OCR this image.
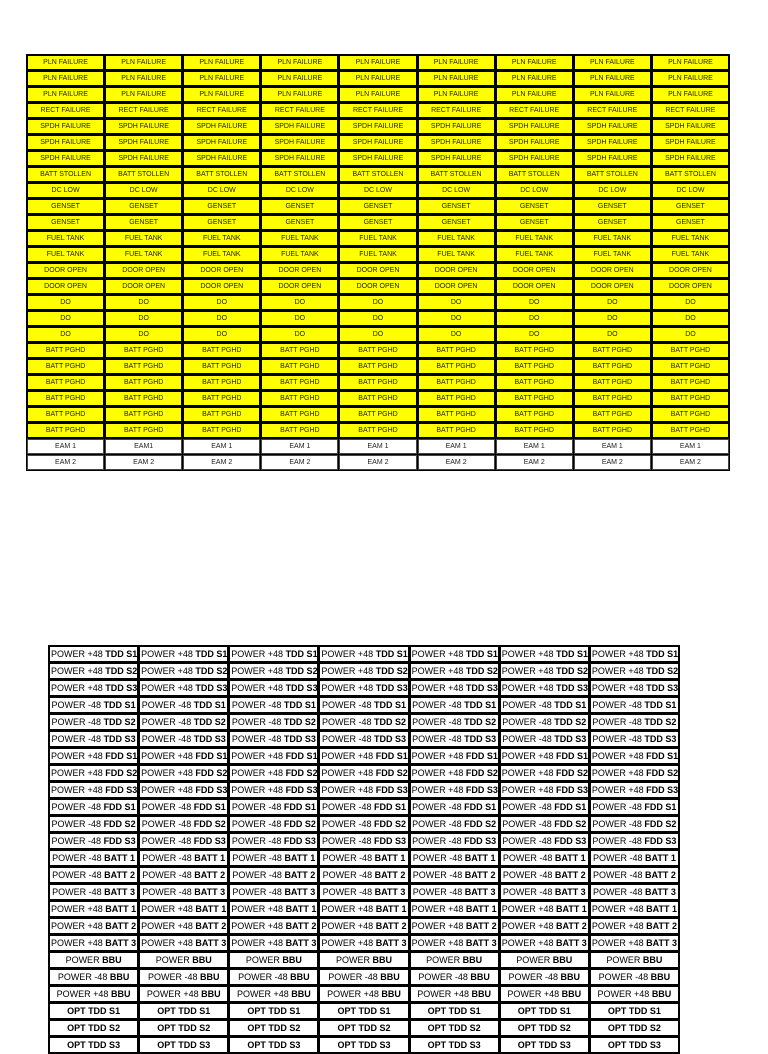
PLN FAILURE	PLN FAILURE	PLN FAILURE	PLN FAILURE	PLN FAILURE	PLN FAILURE	PLN FAILURE	PLN FAILURE	PLN FAILURE
PLN FAILURE	PLN FAILURE	PLN FAILURE	PLN FAILURE	PLN FAILURE	PLN FAILURE	PLN FAILURE	PLN FAILURE	PLN FAILURE
PLN FAILURE	PLN FAILURE	PLN FAILURE	PLN FAILURE	PLN FAILURE	PLN FAILURE	PLN FAILURE	PLN FAILURE	PLN FAILURE
RECT FAILURE	RECT FAILURE	RECT FAILURE	RECT FAILURE	RECT FAILURE	RECT FAILURE	RECT FAILURE	RECT FAILURE	RECT FAILURE
SPDH FAILURE	SPDH FAILURE	SPDH FAILURE	SPDH FAILURE	SPDH FAILURE	SPDH FAILURE	SPDH FAILURE	SPDH FAILURE	SPDH FAILURE
SPDH FAILURE	SPDH FAILURE	SPDH FAILURE	SPDH FAILURE	SPDH FAILURE	SPDH FAILURE	SPDH FAILURE	SPDH FAILURE	SPDH FAILURE
SPDH FAILURE	SPDH FAILURE	SPDH FAILURE	SPDH FAILURE	SPDH FAILURE	SPDH FAILURE	SPDH FAILURE	SPDH FAILURE	SPDH FAILURE
BATT STOLLEN	BATT STOLLEN	BATT STOLLEN	BATT STOLLEN	BATT STOLLEN	BATT STOLLEN	BATT STOLLEN	BATT STOLLEN	BATT STOLLEN
DC LOW	DC LOW	DC LOW	DC LOW	DC LOW	DC LOW	DC LOW	DC LOW	DC LOW
GENSET	GENSET	GENSET	GENSET	GENSET	GENSET	GENSET	GENSET	GENSET
GENSET	GENSET	GENSET	GENSET	GENSET	GENSET	GENSET	GENSET	GENSET
FUEL TANK	FUEL TANK	FUEL TANK	FUEL TANK	FUEL TANK	FUEL TANK	FUEL TANK	FUEL TANK	FUEL TANK
FUEL TANK	FUEL TANK	FUEL TANK	FUEL TANK	FUEL TANK	FUEL TANK	FUEL TANK	FUEL TANK	FUEL TANK
DOOR OPEN	DOOR OPEN	DOOR OPEN	DOOR OPEN	DOOR OPEN	DOOR OPEN	DOOR OPEN	DOOR OPEN	DOOR OPEN
DOOR OPEN	DOOR OPEN	DOOR OPEN	DOOR OPEN	DOOR OPEN	DOOR OPEN	DOOR OPEN	DOOR OPEN	DOOR OPEN
DO	DO	DO	DO	DO	DO	DO	DO	DO
DO	DO	DO	DO	DO	DO	DO	DO	DO
DO	DO	DO	DO	DO	DO	DO	DO	DO
BATT PGHD	BATT PGHD	BATT PGHD	BATT PGHD	BATT PGHD	BATT PGHD	BATT PGHD	BATT PGHD	BATT PGHD
BATT PGHD	BATT PGHD	BATT PGHD	BATT PGHD	BATT PGHD	BATT PGHD	BATT PGHD	BATT PGHD	BATT PGHD
BATT PGHD	BATT PGHD	BATT PGHD	BATT PGHD	BATT PGHD	BATT PGHD	BATT PGHD	BATT PGHD	BATT PGHD
BATT PGHD	BATT PGHD	BATT PGHD	BATT PGHD	BATT PGHD	BATT PGHD	BATT PGHD	BATT PGHD	BATT PGHD
BATT PGHD	BATT PGHD	BATT PGHD	BATT PGHD	BATT PGHD	BATT PGHD	BATT PGHD	BATT PGHD	BATT PGHD
BATT PGHD	BATT PGHD	BATT PGHD	BATT PGHD	BATT PGHD	BATT PGHD	BATT PGHD	BATT PGHD	BATT PGHD
EAM 1	EAM1	EAM 1	EAM 1	EAM 1	EAM 1	EAM 1	EAM 1	EAM 1
EAM 2	EAM 2	EAM 2	EAM 2	EAM 2	EAM 2	EAM 2	EAM 2	EAM 2
POWER +48 TDD S1	POWER +48 TDD S1	POWER +48 TDD S1	POWER +48 TDD S1	POWER +48 TDD S1	POWER +48 TDD S1	POWER +48 TDD S1
POWER +48 TDD S2	POWER +48 TDD S2	POWER +48 TDD S2	POWER +48 TDD S2	POWER +48 TDD S2	POWER +48 TDD S2	POWER +48 TDD S2
POWER +48 TDD S3	POWER +48 TDD S3	POWER +48 TDD S3	POWER +48 TDD S3	POWER +48 TDD S3	POWER +48 TDD S3	POWER +48 TDD S3
POWER -48 TDD S1	POWER -48 TDD S1	POWER -48 TDD S1	POWER -48 TDD S1	POWER -48 TDD S1	POWER -48 TDD S1	POWER -48 TDD S1
POWER -48 TDD S2	POWER -48 TDD S2	POWER -48 TDD S2	POWER -48 TDD S2	POWER -48 TDD S2	POWER -48 TDD S2	POWER -48 TDD S2
POWER -48 TDD S3	POWER -48 TDD S3	POWER -48 TDD S3	POWER -48 TDD S3	POWER -48 TDD S3	POWER -48 TDD S3	POWER -48 TDD S3
POWER +48 FDD S1	POWER +48 FDD S1	POWER +48 FDD S1	POWER +48 FDD S1	POWER +48 FDD S1	POWER +48 FDD S1	POWER +48 FDD S1
POWER +48 FDD S2	POWER +48 FDD S2	POWER +48 FDD S2	POWER +48 FDD S2	POWER +48 FDD S2	POWER +48 FDD S2	POWER +48 FDD S2
POWER +48 FDD S3	POWER +48 FDD S3	POWER +48 FDD S3	POWER +48 FDD S3	POWER +48 FDD S3	POWER +48 FDD S3	POWER +48 FDD S3
POWER -48 FDD S1	POWER -48 FDD S1	POWER -48 FDD S1	POWER -48 FDD S1	POWER -48 FDD S1	POWER -48 FDD S1	POWER -48 FDD S1
POWER -48 FDD S2	POWER -48 FDD S2	POWER -48 FDD S2	POWER -48 FDD S2	POWER -48 FDD S2	POWER -48 FDD S2	POWER -48 FDD S2
POWER -48 FDD S3	POWER -48 FDD S3	POWER -48 FDD S3	POWER -48 FDD S3	POWER -48 FDD S3	POWER -48 FDD S3	POWER -48 FDD S3
POWER -48 BATT 1	POWER -48 BATT 1	POWER -48 BATT 1	POWER -48 BATT 1	POWER -48 BATT 1	POWER -48 BATT 1	POWER -48 BATT 1
POWER -48 BATT 2	POWER -48 BATT 2	POWER -48 BATT 2	POWER -48 BATT 2	POWER -48 BATT 2	POWER -48 BATT 2	POWER -48 BATT 2
POWER -48 BATT 3	POWER -48 BATT 3	POWER -48 BATT 3	POWER -48 BATT 3	POWER -48 BATT 3	POWER -48 BATT 3	POWER -48 BATT 3
POWER +48 BATT 1	POWER +48 BATT 1	POWER +48 BATT 1	POWER +48 BATT 1	POWER +48 BATT 1	POWER +48 BATT 1	POWER +48 BATT 1
POWER +48 BATT 2	POWER +48 BATT 2	POWER +48 BATT 2	POWER +48 BATT 2	POWER +48 BATT 2	POWER +48 BATT 2	POWER +48 BATT 2
POWER +48 BATT 3	POWER +48 BATT 3	POWER +48 BATT 3	POWER +48 BATT 3	POWER +48 BATT 3	POWER +48 BATT 3	POWER +48 BATT 3
POWER BBU	POWER BBU	POWER BBU	POWER BBU	POWER BBU	POWER BBU	POWER BBU
POWER -48 BBU	POWER -48 BBU	POWER -48 BBU	POWER -48 BBU	POWER -48 BBU	POWER -48 BBU	POWER -48 BBU
POWER +48 BBU	POWER +48 BBU	POWER +48 BBU	POWER +48 BBU	POWER +48 BBU	POWER +48 BBU	POWER +48 BBU
OPT TDD S1	OPT TDD S1	OPT TDD S1	OPT TDD S1	OPT TDD S1	OPT TDD S1	OPT TDD S1
OPT TDD S2	OPT TDD S2	OPT TDD S2	OPT TDD S2	OPT TDD S2	OPT TDD S2	OPT TDD S2
OPT TDD S3	OPT TDD S3	OPT TDD S3	OPT TDD S3	OPT TDD S3	OPT TDD S3	OPT TDD S3
